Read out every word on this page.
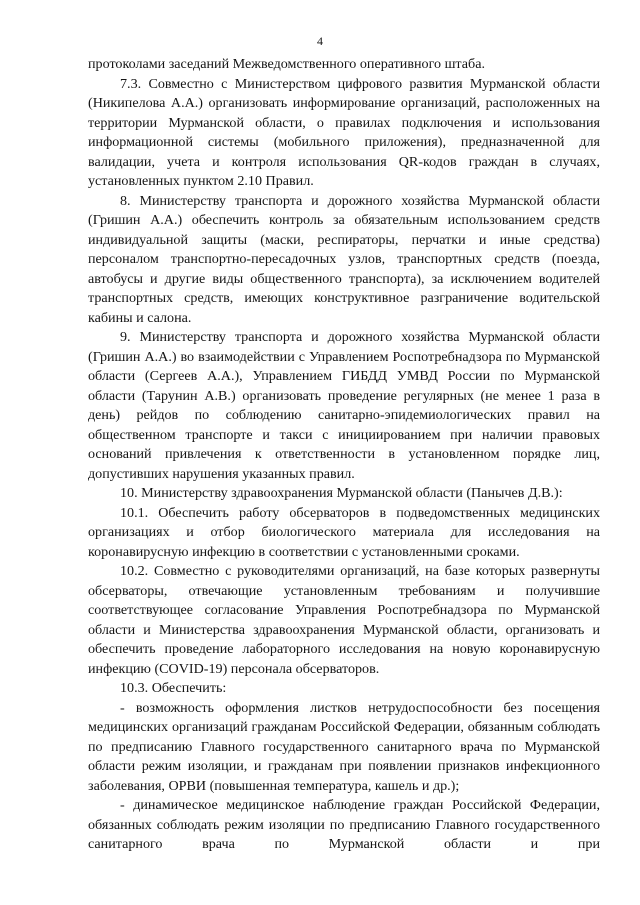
4

протоколами заседаний Межведомственного оперативного штаба.

7.3. Совместно с Министерством цифрового развития Мурманской области (Никипелова А.А.) организовать информирование организаций, расположенных на территории Мурманской области, о правилах подключения и использования информационной системы (мобильного приложения), предназначенной для валидации, учета и контроля использования QR-кодов граждан в случаях, установленных пунктом 2.10 Правил.

8. Министерству транспорта и дорожного хозяйства Мурманской области (Гришин А.А.) обеспечить контроль за обязательным использованием средств индивидуальной защиты (маски, респираторы, перчатки и иные средства) персоналом транспортно-пересадочных узлов, транспортных средств (поезда, автобусы и другие виды общественного транспорта), за исключением водителей транспортных средств, имеющих конструктивное разграничение водительской кабины и салона.

9. Министерству транспорта и дорожного хозяйства Мурманской области (Гришин А.А.) во взаимодействии с Управлением Роспотребнадзора по Мурманской области (Сергеев А.А.), Управлением ГИБДД УМВД России по Мурманской области (Тарунин А.В.) организовать проведение регулярных (не менее 1 раза в день) рейдов по соблюдению санитарно-эпидемиологических правил на общественном транспорте и такси с инициированием при наличии правовых оснований привлечения к ответственности в установленном порядке лиц, допустивших нарушения указанных правил.

10. Министерству здравоохранения Мурманской области (Панычев Д.В.):

10.1. Обеспечить работу обсерваторов в подведомственных медицинских организациях и отбор биологического материала для исследования на коронавирусную инфекцию в соответствии с установленными сроками.

10.2. Совместно с руководителями организаций, на базе которых развернуты обсерваторы, отвечающие установленным требованиям и получившие соответствующее согласование Управления Роспотребнадзора по Мурманской области и Министерства здравоохранения Мурманской области, организовать и обеспечить проведение лабораторного исследования на новую коронавирусную инфекцию (COVID-19) персонала обсерваторов.

10.3. Обеспечить:

- возможность оформления листков нетрудоспособности без посещения медицинских организаций гражданам Российской Федерации, обязанным соблюдать по предписанию Главного государственного санитарного врача по Мурманской области режим изоляции, и гражданам при появлении признаков инфекционного заболевания, ОРВИ (повышенная температура, кашель и др.);

- динамическое медицинское наблюдение граждан Российской Федерации, обязанных соблюдать режим изоляции по предписанию Главного государственного санитарного врача по Мурманской области и при
